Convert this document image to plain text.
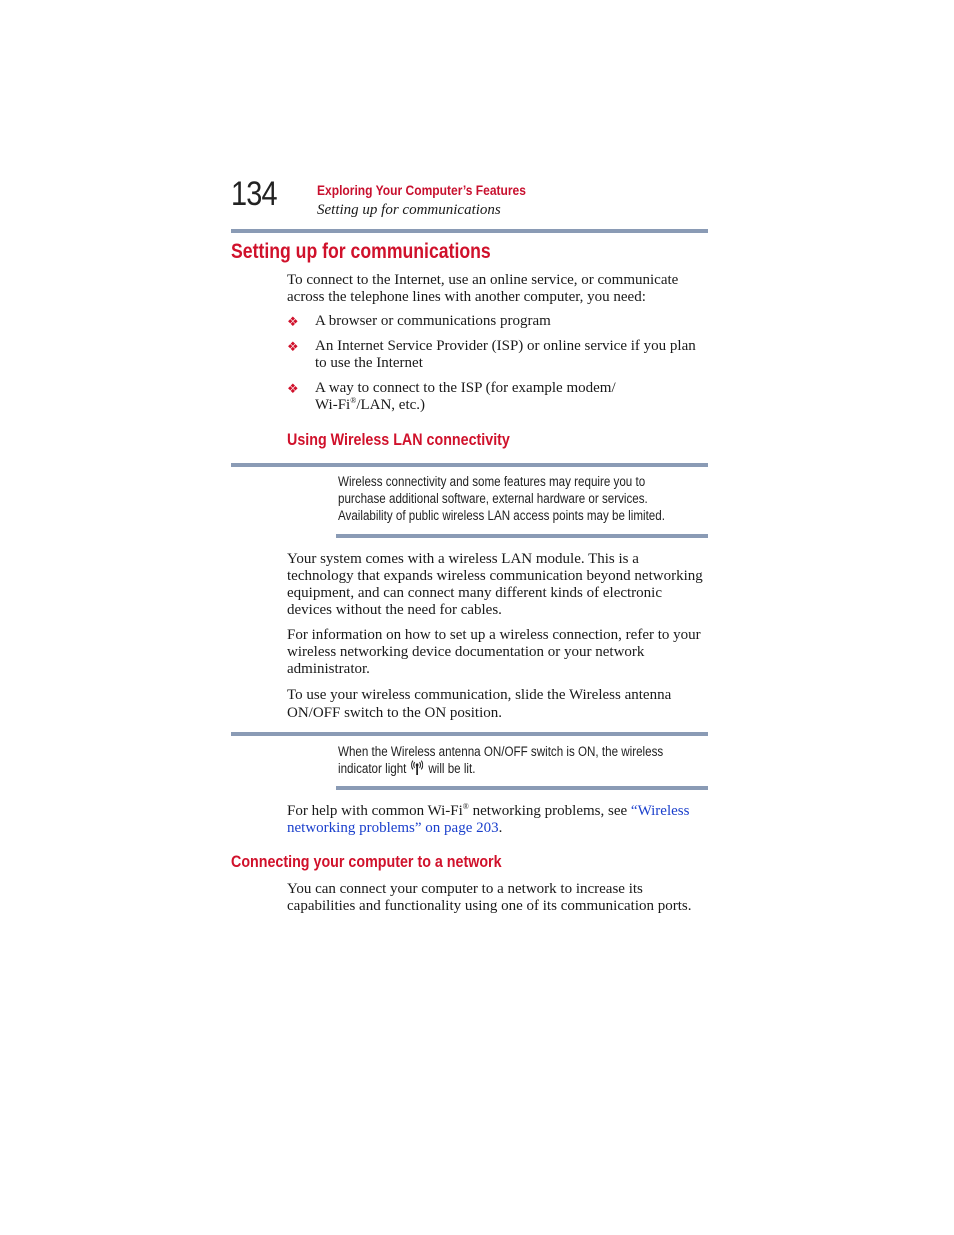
134	Exploring Your Computer’s Features
Setting up for communications
Setting up for communications
To connect to the Internet, use an online service, or communicate across the telephone lines with another computer, you need:
❖ A browser or communications program
❖ An Internet Service Provider (ISP) or online service if you plan
to use the Internet
❖ A way to connect to the ISP (for example modem/
Wi-Fi®/LAN, etc.)
Using Wireless LAN connectivity
Wireless connectivity and some features may require you to
purchase additional software, external hardware or services.
Availability of public wireless LAN access points may be limited.
Your system comes with a wireless LAN module. This is a technology that expands wireless communication beyond networking equipment, and can connect many different kinds of electronic devices without the need for cables.
For information on how to set up a wireless connection, refer to your wireless networking device documentation or your network administrator.
To use your wireless communication, slide the Wireless antenna ON/OFF switch to the ON position.
When the Wireless antenna ON/OFF switch is ON, the wireless
indicator light will be lit.
For help with common Wi-Fi® networking problems, see “Wireless
networking problems” on page 203.
Connecting your computer to a network
You can connect your computer to a network to increase its capabilities and functionality using one of its communication ports.
